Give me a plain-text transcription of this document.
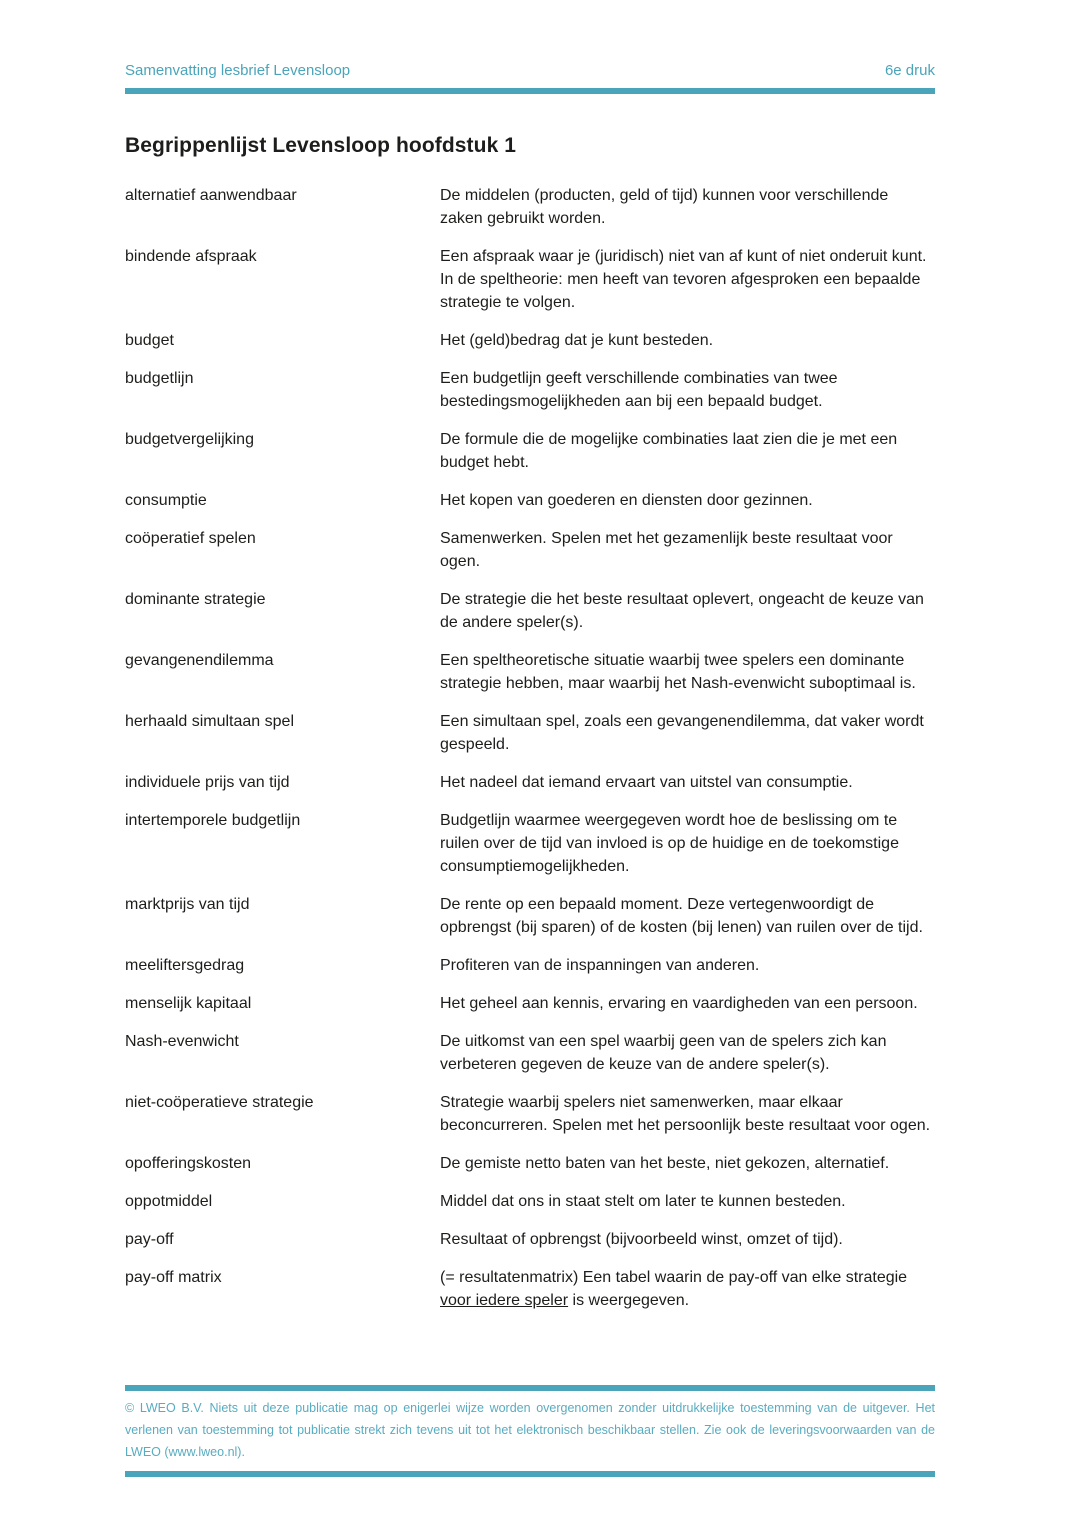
Samenvatting lesbrief Levensloop	6e druk
Begrippenlijst Levensloop hoofdstuk 1
alternatief aanwendbaar	De middelen (producten, geld of tijd) kunnen voor verschillende zaken gebruikt worden.
bindende afspraak	Een afspraak waar je (juridisch) niet van af kunt of niet onderuit kunt. In de speltheorie: men heeft van tevoren afgesproken een bepaalde strategie te volgen.
budget	Het (geld)bedrag dat je kunt besteden.
budgetlijn	Een budgetlijn geeft verschillende combinaties van twee bestedingsmogelijkheden aan bij een bepaald budget.
budgetvergelijking	De formule die de mogelijke combinaties laat zien die je met een budget hebt.
consumptie	Het kopen van goederen en diensten door gezinnen.
coöperatief spelen	Samenwerken. Spelen met het gezamenlijk beste resultaat voor ogen.
dominante strategie	De strategie die het beste resultaat oplevert, ongeacht de keuze van de andere speler(s).
gevangenendilemma	Een speltheoretische situatie waarbij twee spelers een dominante strategie hebben, maar waarbij het Nash-evenwicht suboptimaal is.
herhaald simultaan spel	Een simultaan spel, zoals een gevangenendilemma, dat vaker wordt gespeeld.
individuele prijs van tijd	Het nadeel dat iemand ervaart van uitstel van consumptie.
intertemporele budgetlijn	Budgetlijn waarmee weergegeven wordt hoe de beslissing om te ruilen over de tijd van invloed is op de huidige en de toekomstige consumptiemogelijkheden.
marktprijs van tijd	De rente op een bepaald moment. Deze vertegenwoordigt de opbrengst (bij sparen) of de kosten (bij lenen) van ruilen over de tijd.
meeliftersgedrag	Profiteren van de inspanningen van anderen.
menselijk kapitaal	Het geheel aan kennis, ervaring en vaardigheden van een persoon.
Nash-evenwicht	De uitkomst van een spel waarbij geen van de spelers zich kan verbeteren gegeven de keuze van de andere speler(s).
niet-coöperatieve strategie	Strategie waarbij spelers niet samenwerken, maar elkaar beconcurreren. Spelen met het persoonlijk beste resultaat voor ogen.
opofferingskosten	De gemiste netto baten van het beste, niet gekozen, alternatief.
oppotmiddel	Middel dat ons in staat stelt om later te kunnen besteden.
pay-off	Resultaat of opbrengst (bijvoorbeeld winst, omzet of tijd).
pay-off matrix	(= resultatenmatrix) Een tabel waarin de pay-off van elke strategie voor iedere speler is weergegeven.
© LWEO B.V. Niets uit deze publicatie mag op enigerlei wijze worden overgenomen zonder uitdrukkelijke toestemming van de uitgever. Het verlenen van toestemming tot publicatie strekt zich tevens uit tot het elektronisch beschikbaar stellen. Zie ook de leveringsvoorwaarden van de LWEO (www.lweo.nl).
